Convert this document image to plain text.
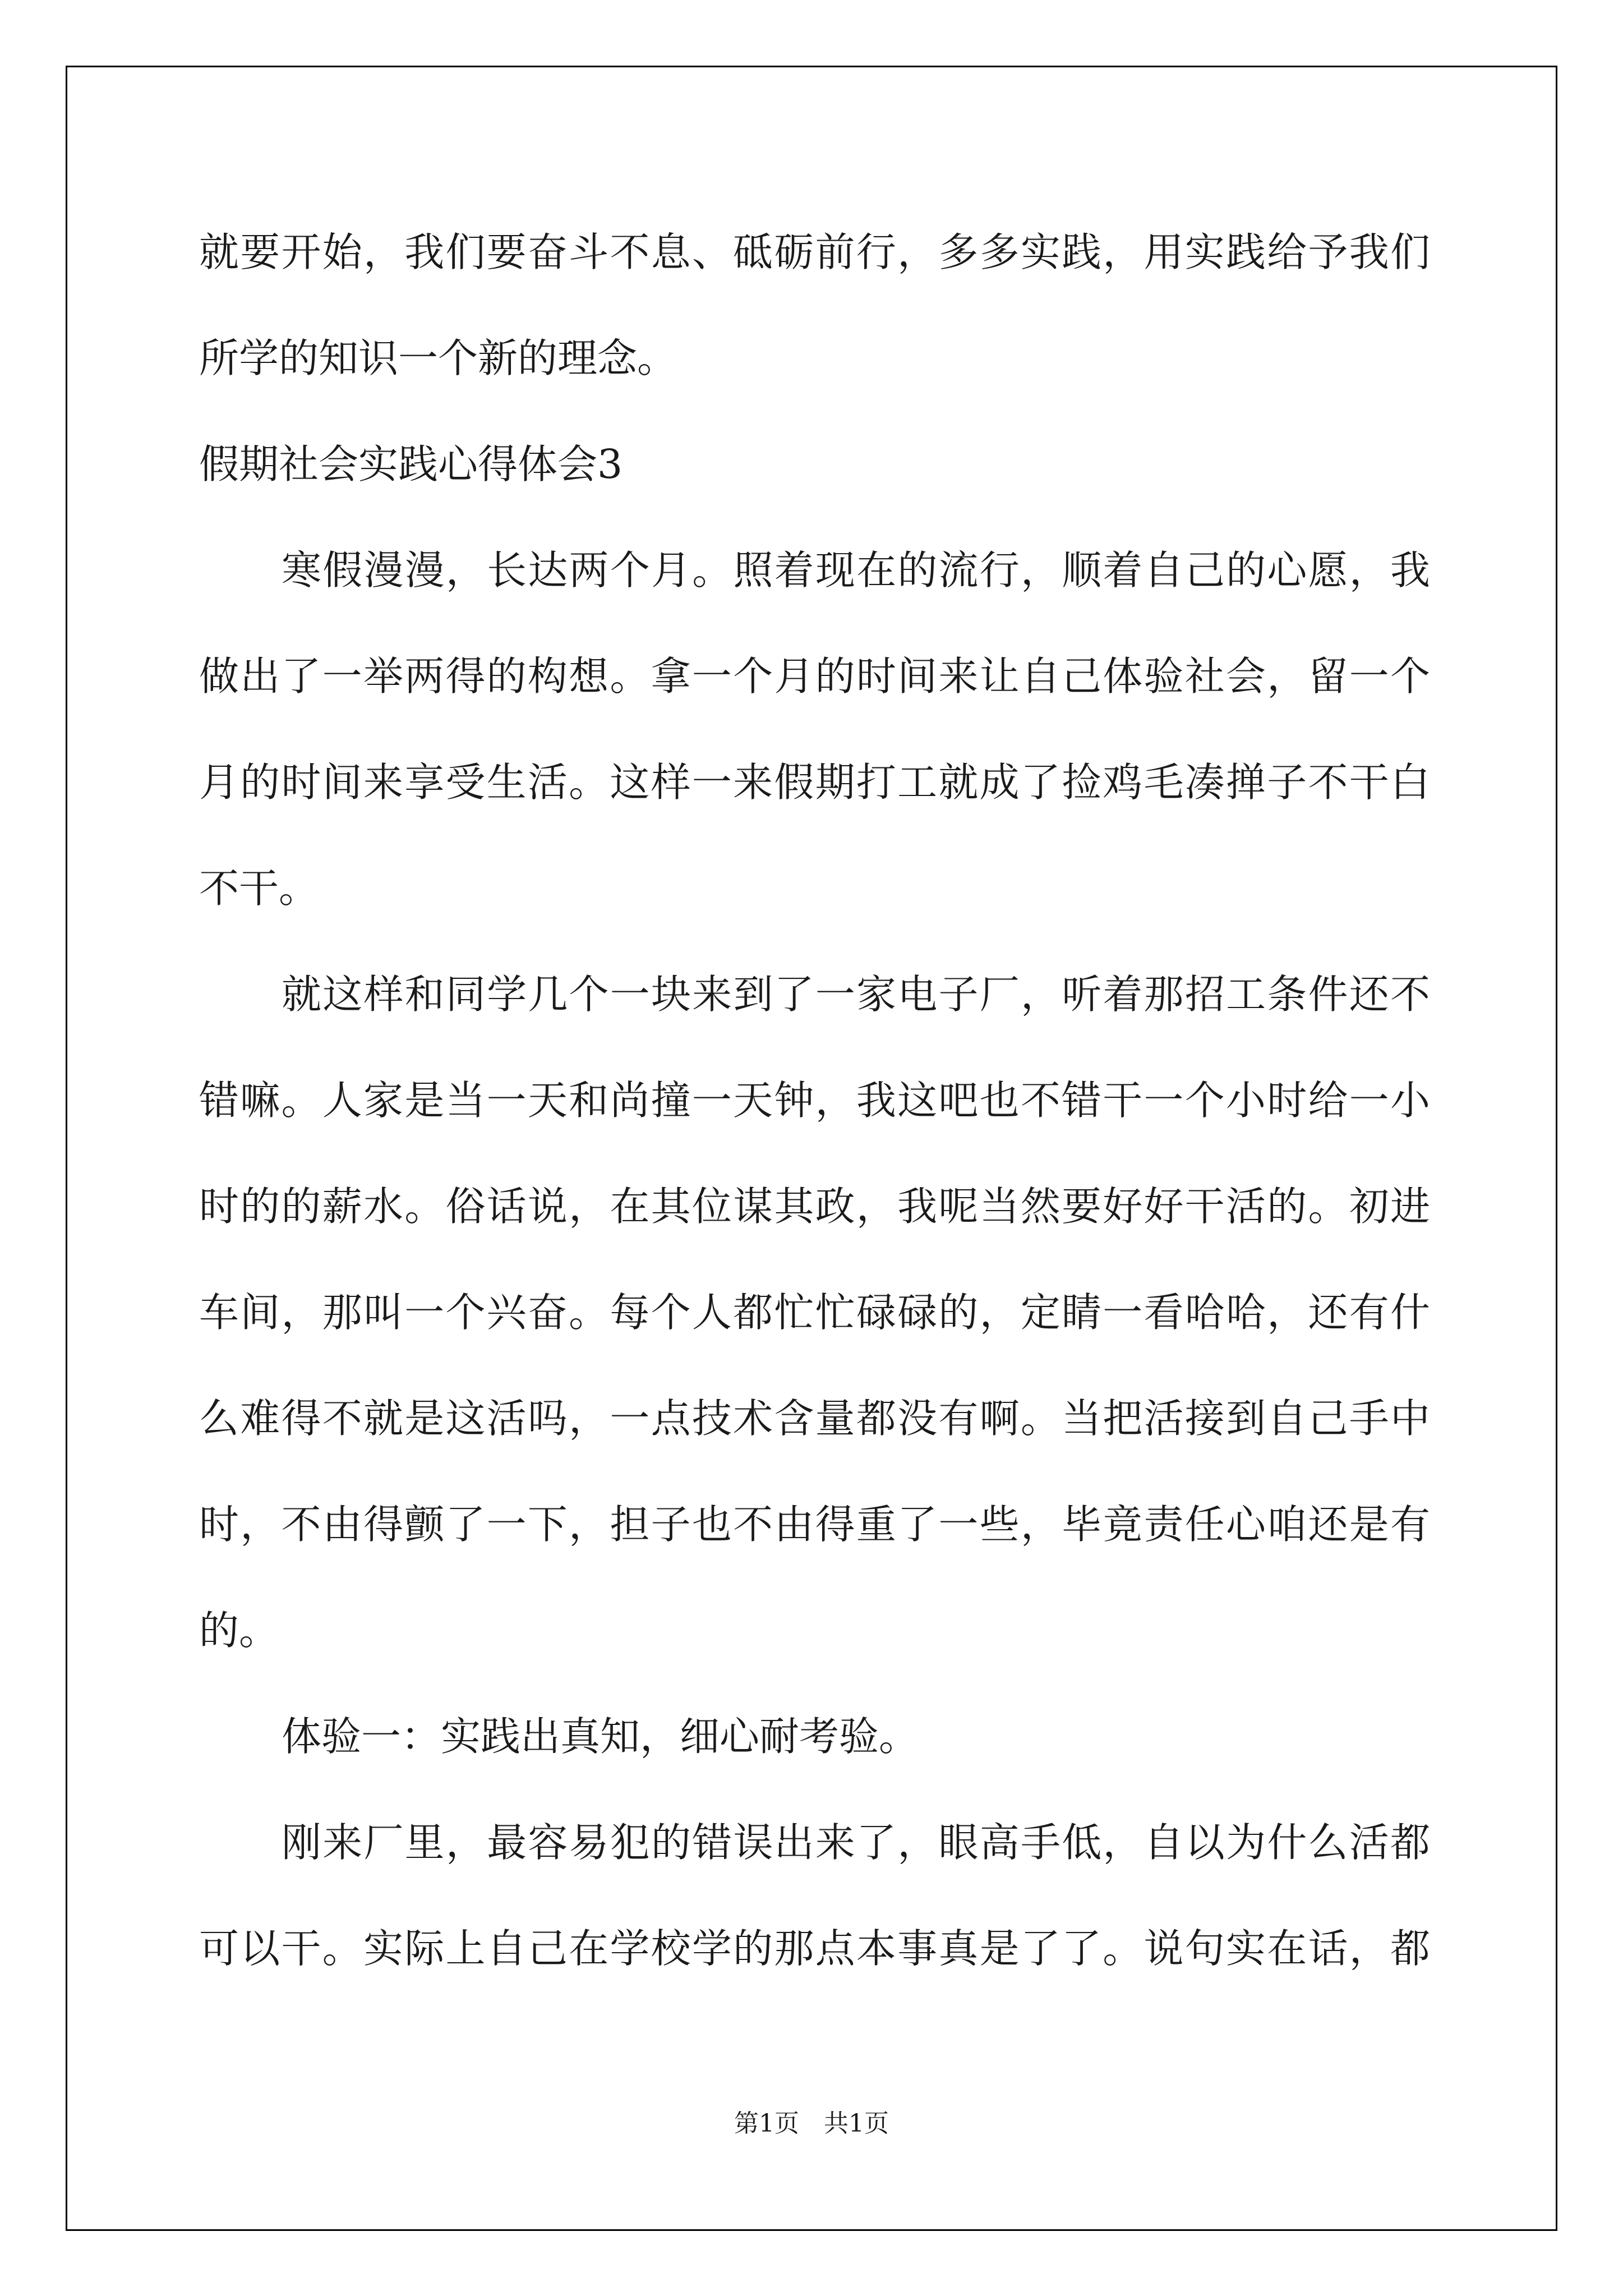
就要开始，我们要奋斗不息、砥砺前行，多多实践，用实践给予我们
所学的知识一个新的理念。
假期社会实践心得体会3
寒假漫漫，长达两个月。照着现在的流行，顺着自己的心愿，我
做出了一举两得的构想。拿一个月的时间来让自己体验社会，留一个
月的时间来享受生活。这样一来假期打工就成了捡鸡毛凑掸子不干白
不干。
就这样和同学几个一块来到了一家电子厂，听着那招工条件还不
错嘛。人家是当一天和尚撞一天钟，我这吧也不错干一个小时给一小
时的的薪水。俗话说，在其位谋其政，我呢当然要好好干活的。初进
车间，那叫一个兴奋。每个人都忙忙碌碌的，定睛一看哈哈，还有什
么难得不就是这活吗，一点技术含量都没有啊。当把活接到自己手中
时，不由得颤了一下，担子也不由得重了一些，毕竟责任心咱还是有
的。
体验一：实践出真知，细心耐考验。
刚来厂里，最容易犯的错误出来了，眼高手低，自以为什么活都
可以干。实际上自己在学校学的那点本事真是了了。说句实在话，都
第1页 共1页
